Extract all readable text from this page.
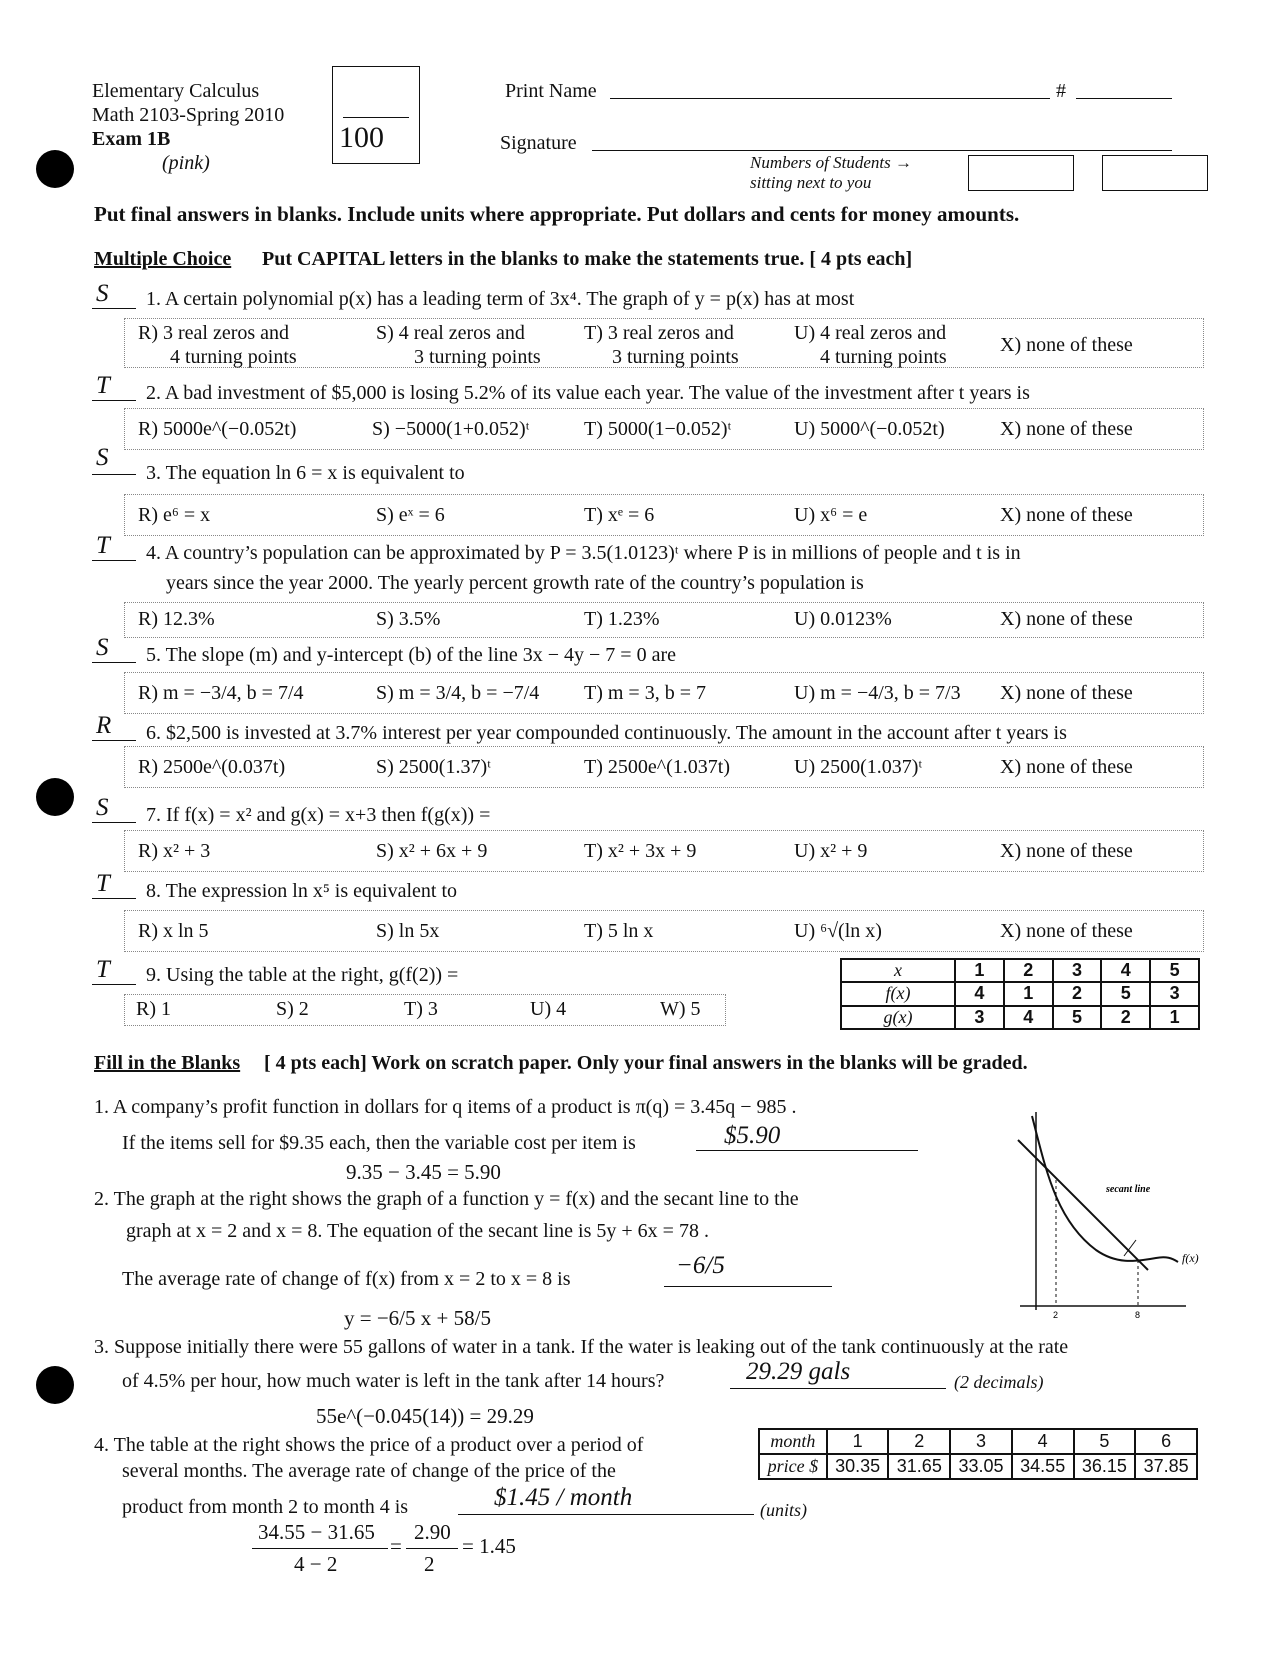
Elementary Calculus
Math 2103-Spring 2010
Exam 1B
(pink)
100
Print Name	#
Signature
Numbers of Students →
sitting next to you
Put final answers in blanks. Include units where appropriate. Put dollars and cents for money amounts.
Multiple Choice Put CAPITAL letters in the blanks to make the statements true. [ 4 pts each]
S 1. A certain polynomial p(x) has a leading term of 3x⁴. The graph of y = p(x) has at most
R) 3 real zeros and
4 turning points
S) 4 real zeros and
3 turning points
T) 3 real zeros and
3 turning points
U) 4 real zeros and
4 turning points
X) none of these
T 2. A bad investment of $5,000 is losing 5.2% of its value each year. The value of the investment after t years is
R) 5000e^(−0.052t)	S) −5000(1+0.052)ᵗ	T) 5000(1−0.052)ᵗ	U) 5000^(−0.052t)	X) none of these
S
3. The equation ln 6 = x is equivalent to
R) e⁶ = x	S) eˣ = 6	T) xᵉ = 6	U) x⁶ = e	X) none of these
T 4. A country’s population can be approximated by P = 3.5(1.0123)ᵗ where P is in millions of people and t is in
years since the year 2000. The yearly percent growth rate of the country’s population is
R) 12.3%	S) 3.5%	T) 1.23%	U) 0.0123%	X) none of these
S 5. The slope (m) and y-intercept (b) of the line 3x − 4y − 7 = 0 are
R) m = −3/4, b = 7/4	S) m = 3/4, b = −7/4 T) m = 3, b = 7	U) m = −4/3, b = 7/3 X) none of these
R 6. $2,500 is invested at 3.7% interest per year compounded continuously. The amount in the account after t years is
R) 2500e^(0.037t)	S) 2500(1.37)ᵗ	T) 2500e^(1.037t)	U) 2500(1.037)ᵗ	X) none of these
S 7. If f(x) = x² and g(x) = x+3 then f(g(x)) =
R) x² + 3	S) x² + 6x + 9	T) x² + 3x + 9	U) x² + 9	X) none of these
T 8. The expression ln x⁵ is equivalent to
R) x ln 5	S) ln 5x	T) 5 ln x	U) ⁶√(ln x)	X) none of these
T 9. Using the table at the right, g(f(2)) =
R) 1	S) 2	T) 3	U) 4	W) 5
x	1	2	3	4	5
f(x)	4	1	2	5	3
g(x)	3	4	5	2	1
Fill in the Blanks [ 4 pts each] Work on scratch paper. Only your final answers in the blanks will be graded.
1. A company’s profit function in dollars for q items of a product is π(q) = 3.45q − 985 .
If the items sell for $9.35 each, then the variable cost per item is	$5.90
9.35 − 3.45 = 5.90
2. The graph at the right shows the graph of a function y = f(x) and the secant line to the
graph at x = 2 and x = 8. The equation of the secant line is 5y + 6x = 78 .
The average rate of change of f(x) from x = 2 to x = 8 is	−6/5
y = −6/5 x + 58/5
secant line
f(x)
2	8
3. Suppose initially there were 55 gallons of water in a tank. If the water is leaking out of the tank continuously at the rate
of 4.5% per hour, how much water is left in the tank after 14 hours?	29.29 gals	(2 decimals)
55e^(−0.045(14)) = 29.29
4. The table at the right shows the price of a product over a period of
several months. The average rate of change of the price of the
product from month 2 to month 4 is	$1.45 / month	(units)
34.55 − 31.65 2.90
=	= 1.45
4 − 2	2
month	1	2	3	4	5	6
price $	30.35	31.65	33.05	34.55	36.15	37.85
